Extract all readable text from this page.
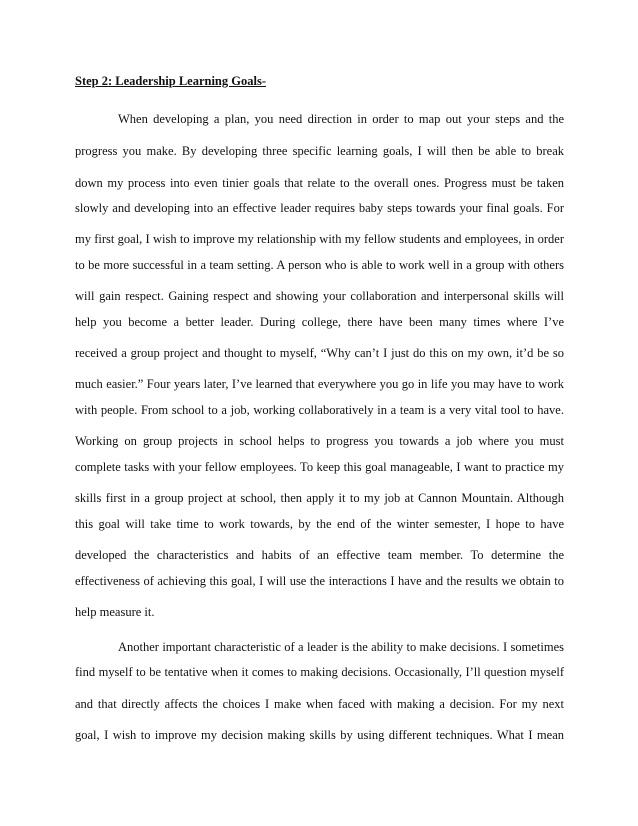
Step 2: Leadership Learning Goals-
When developing a plan, you need direction in order to map out your steps and the
progress you make. By developing three specific learning goals, I will then be able to break
down my process into even tinier goals that relate to the overall ones. Progress must be taken
slowly and developing into an effective leader requires baby steps towards your final goals. For
my first goal, I wish to improve my relationship with my fellow students and employees, in order
to be more successful in a team setting. A person who is able to work well in a group with others
will gain respect. Gaining respect and showing your collaboration and interpersonal skills will
help you become a better leader. During college, there have been many times where I’ve
received a group project and thought to myself, “Why can’t I just do this on my own, it’d be so
much easier.” Four years later, I’ve learned that everywhere you go in life you may have to work
with people. From school to a job, working collaboratively in a team is a very vital tool to have.
Working on group projects in school helps to progress you towards a job where you must
complete tasks with your fellow employees. To keep this goal manageable, I want to practice my
skills first in a group project at school, then apply it to my job at Cannon Mountain. Although
this goal will take time to work towards, by the end of the winter semester, I hope to have
developed the characteristics and habits of an effective team member. To determine the
effectiveness of achieving this goal, I will use the interactions I have and the results we obtain to
help measure it.
Another important characteristic of a leader is the ability to make decisions. I sometimes
find myself to be tentative when it comes to making decisions. Occasionally, I’ll question myself
and that directly affects the choices I make when faced with making a decision. For my next
goal, I wish to improve my decision making skills by using different techniques. What I mean
